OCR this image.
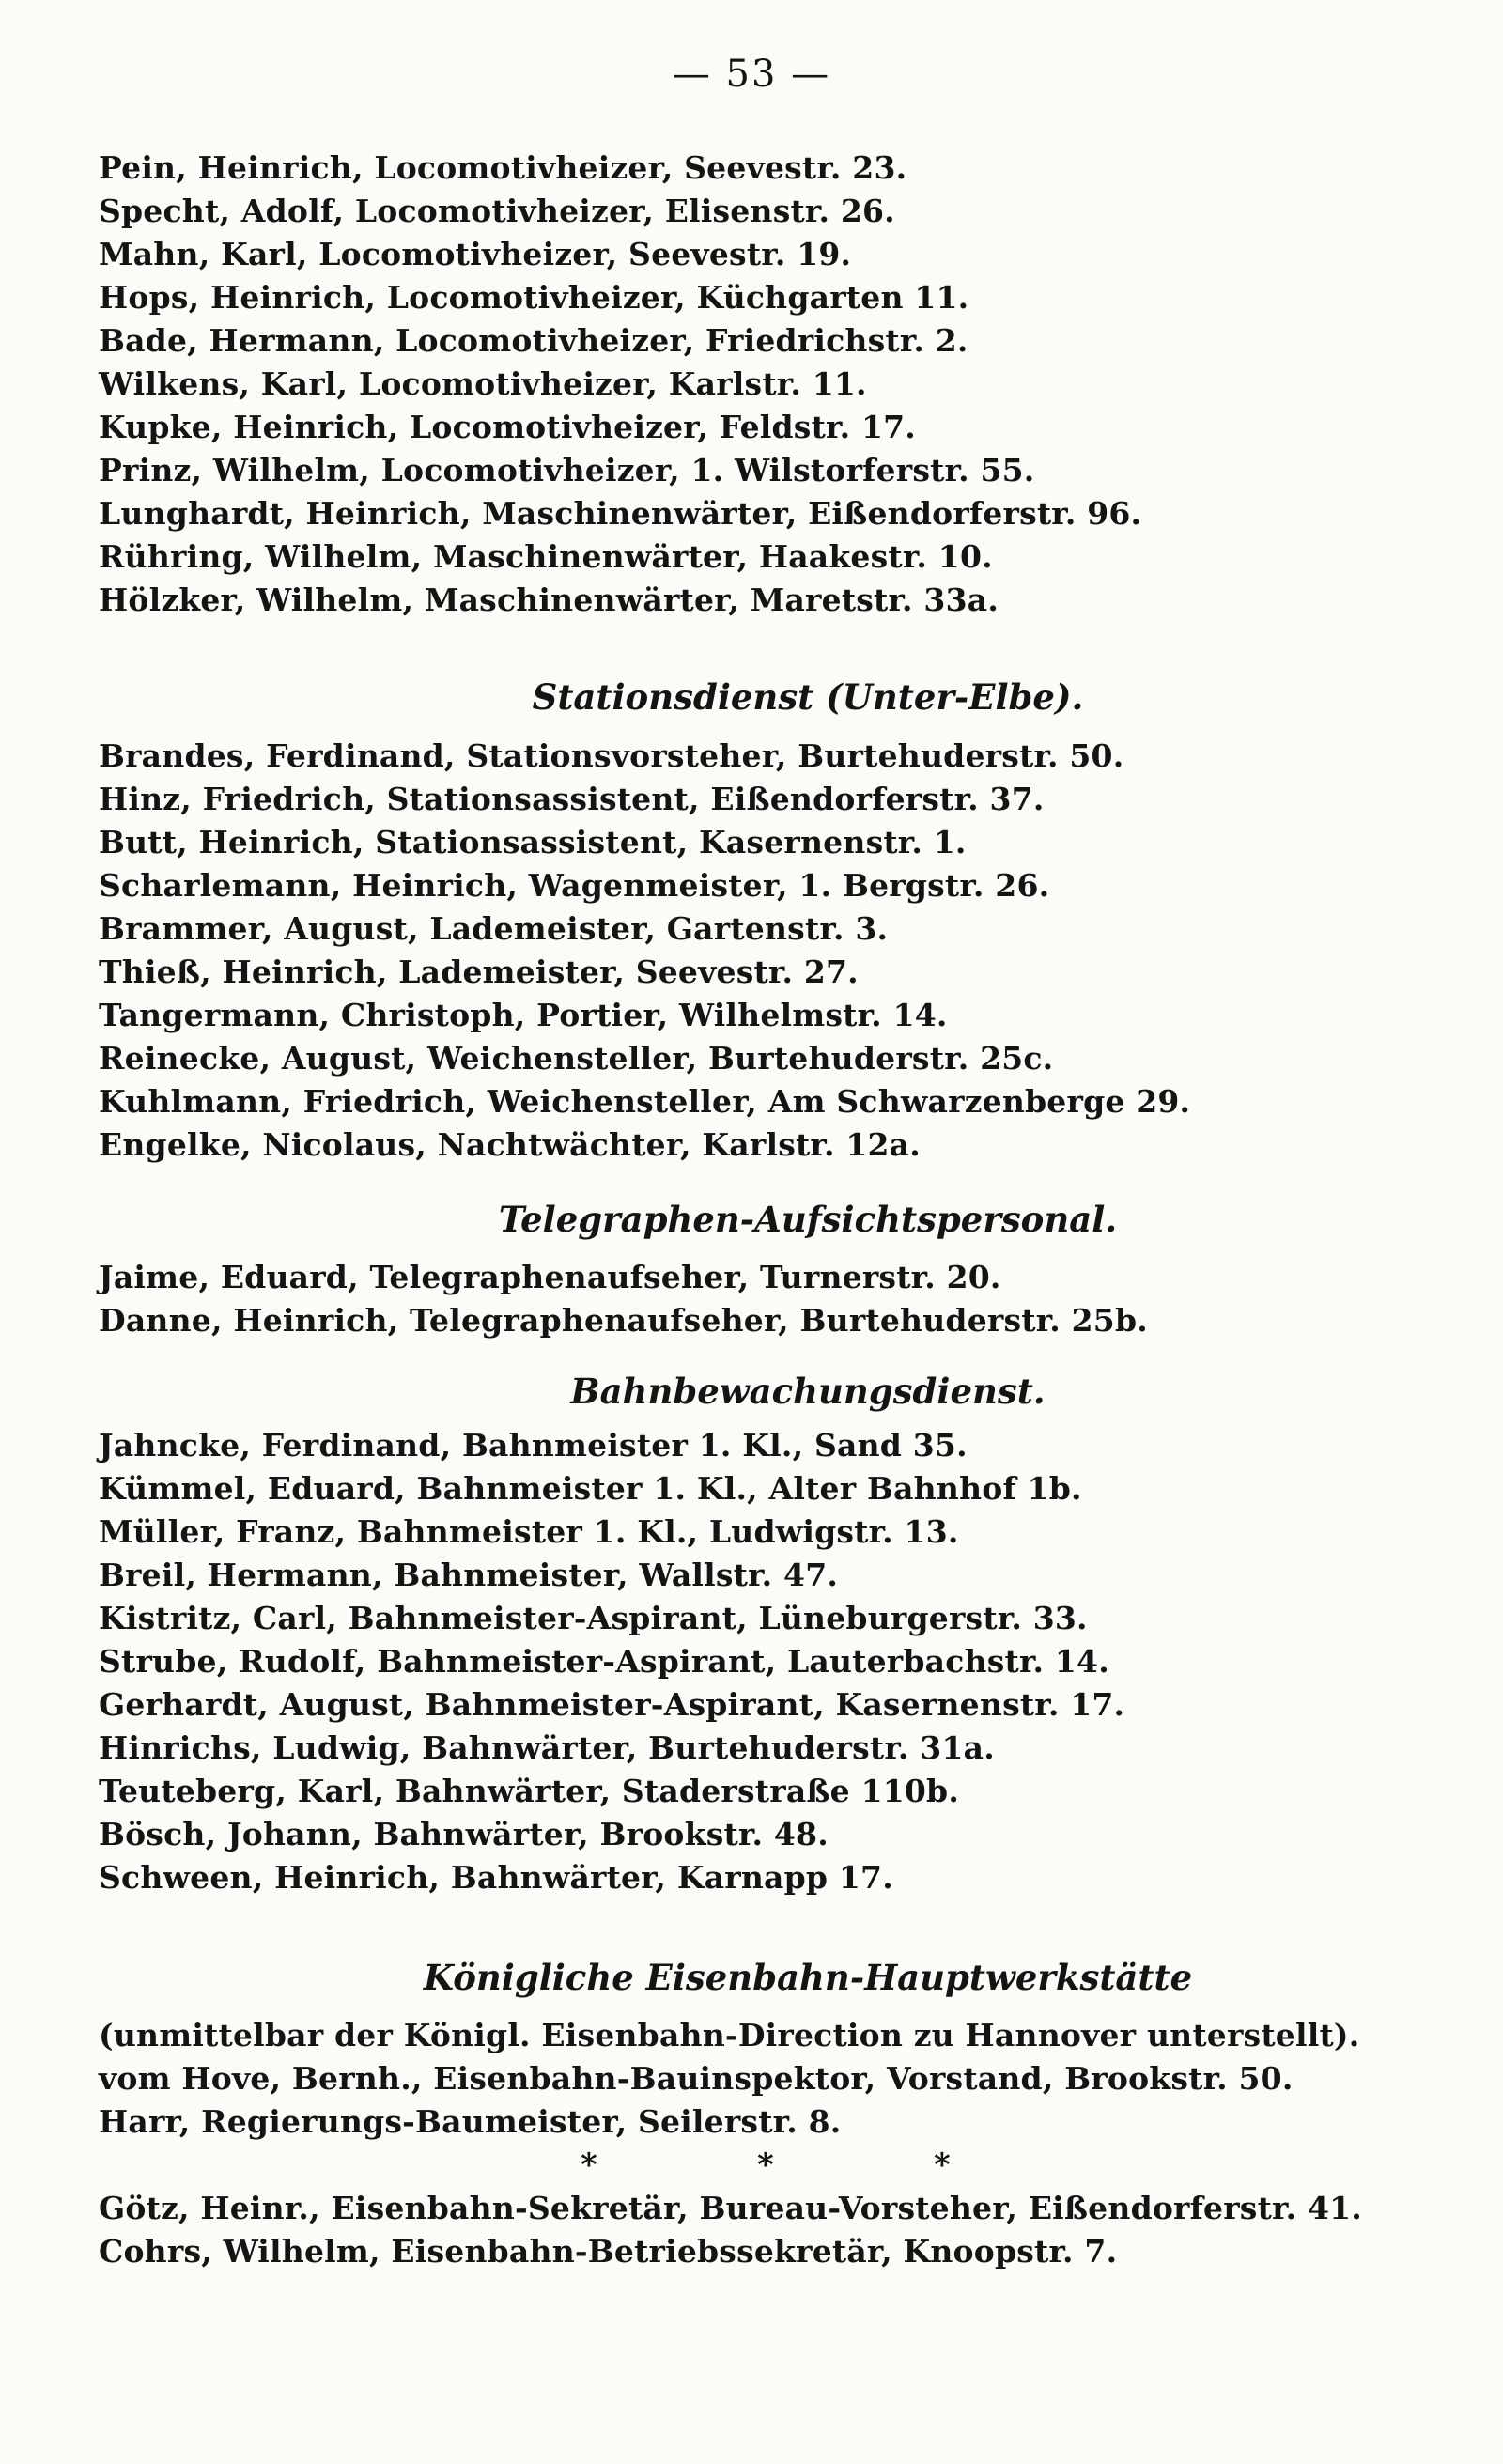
— 53 —
Pein, Heinrich, Locomotivheizer, Seevestr. 23.
Specht, Adolf, Locomotivheizer, Elisenstr. 26.
Mahn, Karl, Locomotivheizer, Seevestr. 19.
Hops, Heinrich, Locomotivheizer, Küchgarten 11.
Bade, Hermann, Locomotivheizer, Friedrichstr. 2.
Wilkens, Karl, Locomotivheizer, Karlstr. 11.
Kupke, Heinrich, Locomotivheizer, Feldstr. 17.
Prinz, Wilhelm, Locomotivheizer, 1. Wilstorferstr. 55.
Lunghardt, Heinrich, Maschinenwärter, Eißendorferstr. 96.
Rühring, Wilhelm, Maschinenwärter, Haakestr. 10.
Hölzker, Wilhelm, Maschinenwärter, Maretstr. 33a.
Stationsdienst (Unter-Elbe).
Brandes, Ferdinand, Stationsvorsteher, Burtehuderstr. 50.
Hinz, Friedrich, Stationsassistent, Eißendorferstr. 37.
Butt, Heinrich, Stationsassistent, Kasernenstr. 1.
Scharlemann, Heinrich, Wagenmeister, 1. Bergstr. 26.
Brammer, August, Lademeister, Gartenstr. 3.
Thieß, Heinrich, Lademeister, Seevestr. 27.
Tangermann, Christoph, Portier, Wilhelmstr. 14.
Reinecke, August, Weichensteller, Burtehuderstr. 25c.
Kuhlmann, Friedrich, Weichensteller, Am Schwarzenberge 29.
Engelke, Nicolaus, Nachtwächter, Karlstr. 12a.
Telegraphen-Aufsichtspersonal.
Jaime, Eduard, Telegraphenaufseher, Turnerstr. 20.
Danne, Heinrich, Telegraphenaufseher, Burtehuderstr. 25b.
Bahnbewachungsdienst.
Jahncke, Ferdinand, Bahnmeister 1. Kl., Sand 35.
Kümmel, Eduard, Bahnmeister 1. Kl., Alter Bahnhof 1b.
Müller, Franz, Bahnmeister 1. Kl., Ludwigstr. 13.
Breil, Hermann, Bahnmeister, Wallstr. 47.
Kistritz, Carl, Bahnmeister-Aspirant, Lüneburgerstr. 33.
Strube, Rudolf, Bahnmeister-Aspirant, Lauterbachstr. 14.
Gerhardt, August, Bahnmeister-Aspirant, Kasernenstr. 17.
Hinrichs, Ludwig, Bahnwärter, Burtehuderstr. 31a.
Teuteberg, Karl, Bahnwärter, Staderstraße 110b.
Bösch, Johann, Bahnwärter, Brookstr. 48.
Schween, Heinrich, Bahnwärter, Karnapp 17.
Königliche Eisenbahn-Hauptwerkstätte
(unmittelbar der Königl. Eisenbahn-Direction zu Hannover unterstellt).
vom Hove, Bernh., Eisenbahn-Bauinspektor, Vorstand, Brookstr. 50.
Harr, Regierungs-Baumeister, Seilerstr. 8.
*	*	*
Götz, Heinr., Eisenbahn-Sekretär, Bureau-Vorsteher, Eißendorferstr. 41.
Cohrs, Wilhelm, Eisenbahn-Betriebssekretär, Knoopstr. 7.
